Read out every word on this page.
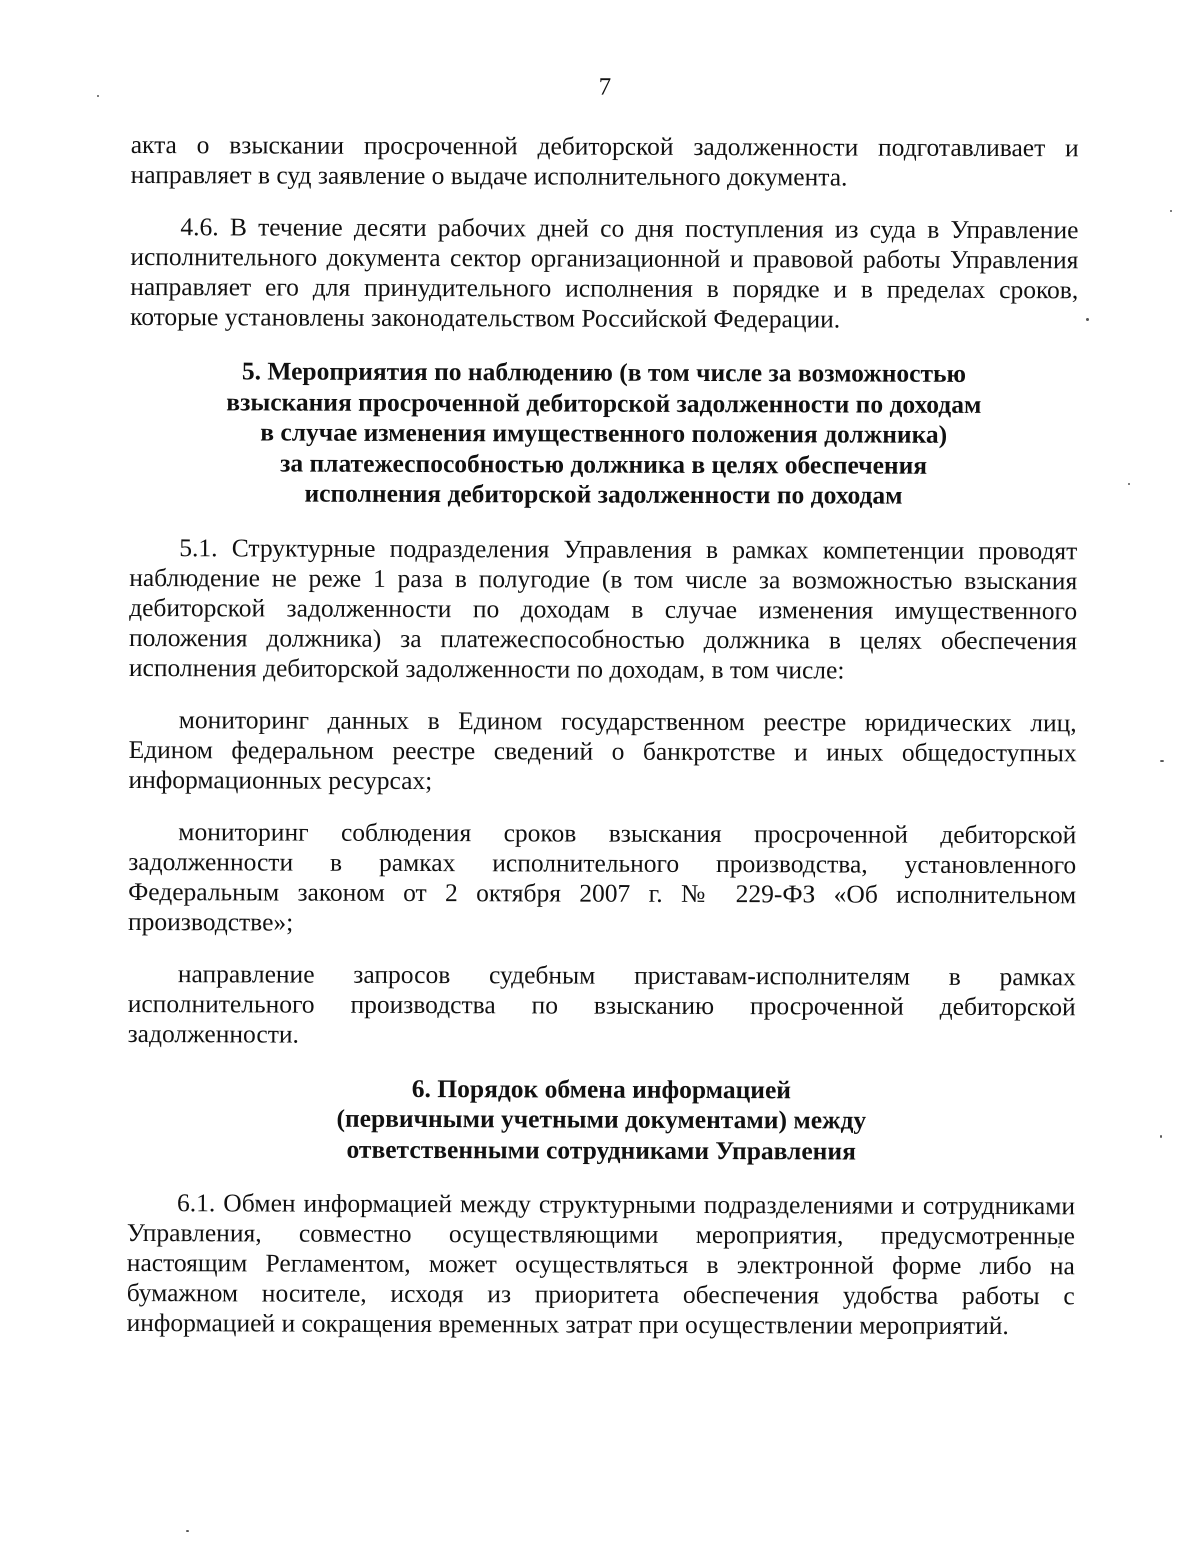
7

акта о взыскании просроченной дебиторской задолженности подготавливает и направляет в суд заявление о выдаче исполнительного документа.

4.6. В течение десяти рабочих дней со дня поступления из суда в Управление исполнительного документа сектор организационной и правовой работы Управления направляет его для принудительного исполнения в порядке и в пределах сроков, которые установлены законодательством Российской Федерации.

5. Мероприятия по наблюдению (в том числе за возможностью
взыскания просроченной дебиторской задолженности по доходам
в случае изменения имущественного положения должника)
за платежеспособностью должника в целях обеспечения
исполнения дебиторской задолженности по доходам

5.1. Структурные подразделения Управления в рамках компетенции проводят наблюдение не реже 1 раза в полугодие (в том числе за возможностью взыскания дебиторской задолженности по доходам в случае изменения имущественного положения должника) за платежеспособностью должника в целях обеспечения исполнения дебиторской задолженности по доходам, в том числе:

мониторинг данных в Едином государственном реестре юридических лиц, Едином федеральном реестре сведений о банкротстве и иных общедоступных информационных ресурсах;

мониторинг соблюдения сроков взыскания просроченной дебиторской задолженности в рамках исполнительного производства, установленного Федеральным законом от 2 октября 2007 г. № 229-ФЗ «Об исполнительном производстве»;

направление запросов судебным приставам-исполнителям в рамках исполнительного производства по взысканию просроченной дебиторской задолженности.

6. Порядок обмена информацией
(первичными учетными документами) между
ответственными сотрудниками Управления

6.1. Обмен информацией между структурными подразделениями и сотрудниками Управления, совместно осуществляющими мероприятия, предусмотренные настоящим Регламентом, может осуществляться в электронной форме либо на бумажном носителе, исходя из приоритета обеспечения удобства работы с информацией и сокращения временных затрат при осуществлении мероприятий.
